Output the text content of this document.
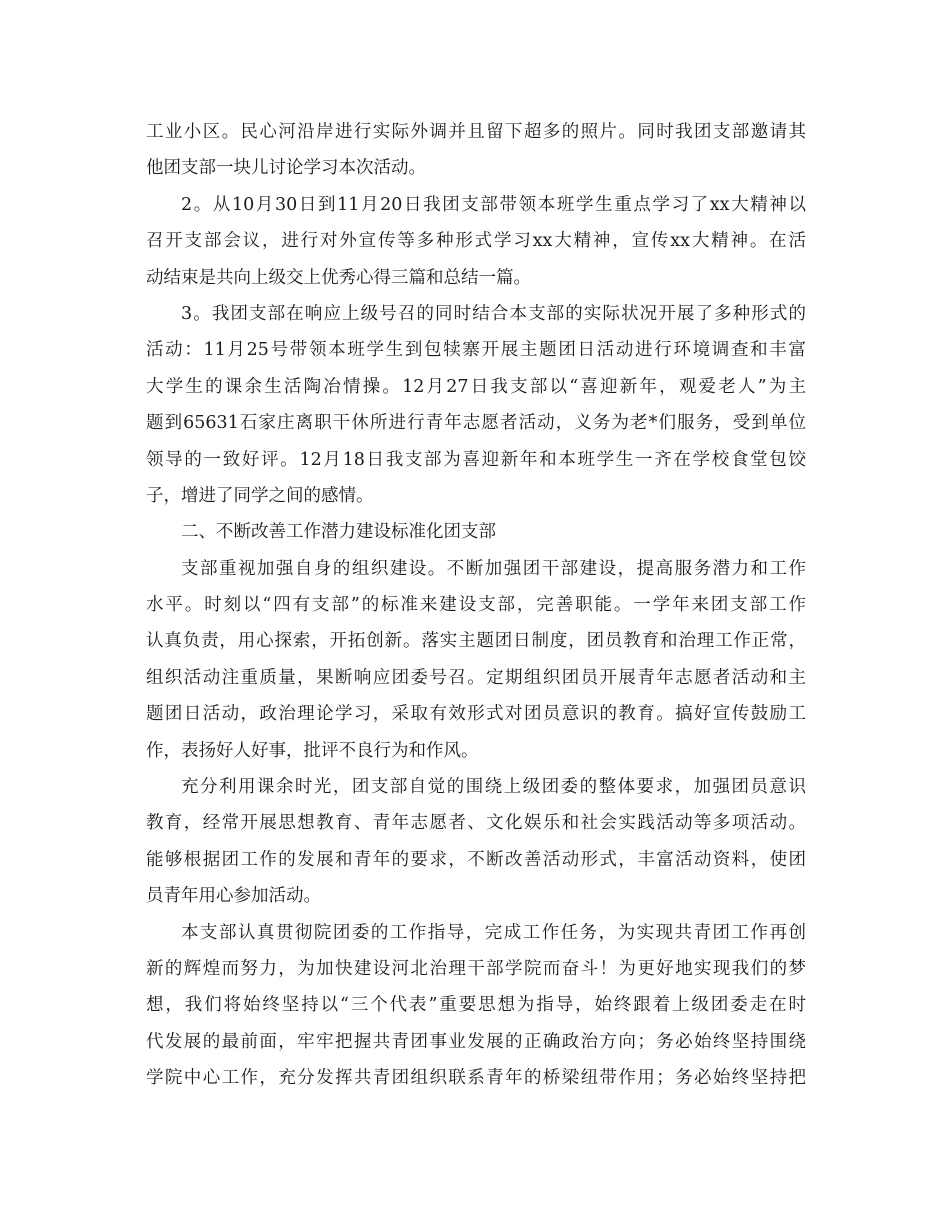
工业小区。民心河沿岸进行实际外调并且留下超多的照片。同时我团支部邀请其
他团支部一块儿讨论学习本次活动。
2。从10月30日到11月20日我团支部带领本班学生重点学习了xx大精神以
召开支部会议，进行对外宣传等多种形式学习xx大精神，宣传xx大精神。在活
动结束是共向上级交上优秀心得三篇和总结一篇。
3。我团支部在响应上级号召的同时结合本支部的实际状况开展了多种形式的
活动：11月25号带领本班学生到包犊寨开展主题团日活动进行环境调查和丰富
大学生的课余生活陶冶情操。12月27日我支部以“喜迎新年，观爱老人”为主
题到65631石家庄离职干休所进行青年志愿者活动，义务为老*们服务，受到单位
领导的一致好评。12月18日我支部为喜迎新年和本班学生一齐在学校食堂包饺
子，增进了同学之间的感情。
二、不断改善工作潜力建设标准化团支部
支部重视加强自身的组织建设。不断加强团干部建设，提高服务潜力和工作
水平。时刻以“四有支部”的标准来建设支部，完善职能。一学年来团支部工作
认真负责，用心探索，开拓创新。落实主题团日制度，团员教育和治理工作正常，
组织活动注重质量，果断响应团委号召。定期组织团员开展青年志愿者活动和主
题团日活动，政治理论学习，采取有效形式对团员意识的教育。搞好宣传鼓励工
作，表扬好人好事，批评不良行为和作风。
充分利用课余时光，团支部自觉的围绕上级团委的整体要求，加强团员意识
教育，经常开展思想教育、青年志愿者、文化娱乐和社会实践活动等多项活动。
能够根据团工作的发展和青年的要求，不断改善活动形式，丰富活动资料，使团
员青年用心参加活动。
本支部认真贯彻院团委的工作指导，完成工作任务，为实现共青团工作再创
新的辉煌而努力，为加快建设河北治理干部学院而奋斗！为更好地实现我们的梦
想，我们将始终坚持以“三个代表”重要思想为指导，始终跟着上级团委走在时
代发展的最前面，牢牢把握共青团事业发展的正确政治方向；务必始终坚持围绕
学院中心工作，充分发挥共青团组织联系青年的桥梁纽带作用；务必始终坚持把
